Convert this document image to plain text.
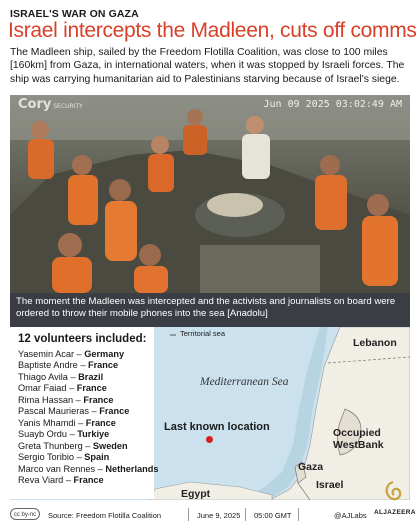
ISRAEL'S WAR ON GAZA
Israel intercepts the Madleen, cuts off comms
The Madleen ship, sailed by the Freedom Flotilla Coalition, was close to 100 miles [160km] from Gaza, in international waters, when it was stopped by Israeli forces. The ship was carrying humanitarian aid to Palestinians starving because of Israel's siege.
Cory SECURITY	Jun 09 2025 03:02:49 AM
The moment the Madleen was intercepted and the activists and journalists on board were ordered to throw their mobile phones into the sea [Anadolu]
Territorial sea
Mediterranean Sea
Last known location
Lebanon
Occupied
WestBank
Gaza
Israel
Egypt
12 volunteers included:
Yasemin Acar – Germany
Baptiste Andre – France
Thiago Avila – Brazil
Omar Faiad – France
Rima Hassan – France
Pascal Maurieras – France
Yanis Mhamdi – France
Suayb Ordu – Turkiye
Greta Thunberg – Sweden
Sergio Toribio – Spain
Marco van Rennes – Netherlands
Reva Viard – France
cc by-nc	Source: Freedom Flotilla Coalition	June 9, 2025 05:00 GMT	@AJLabs ALJAZEERA
